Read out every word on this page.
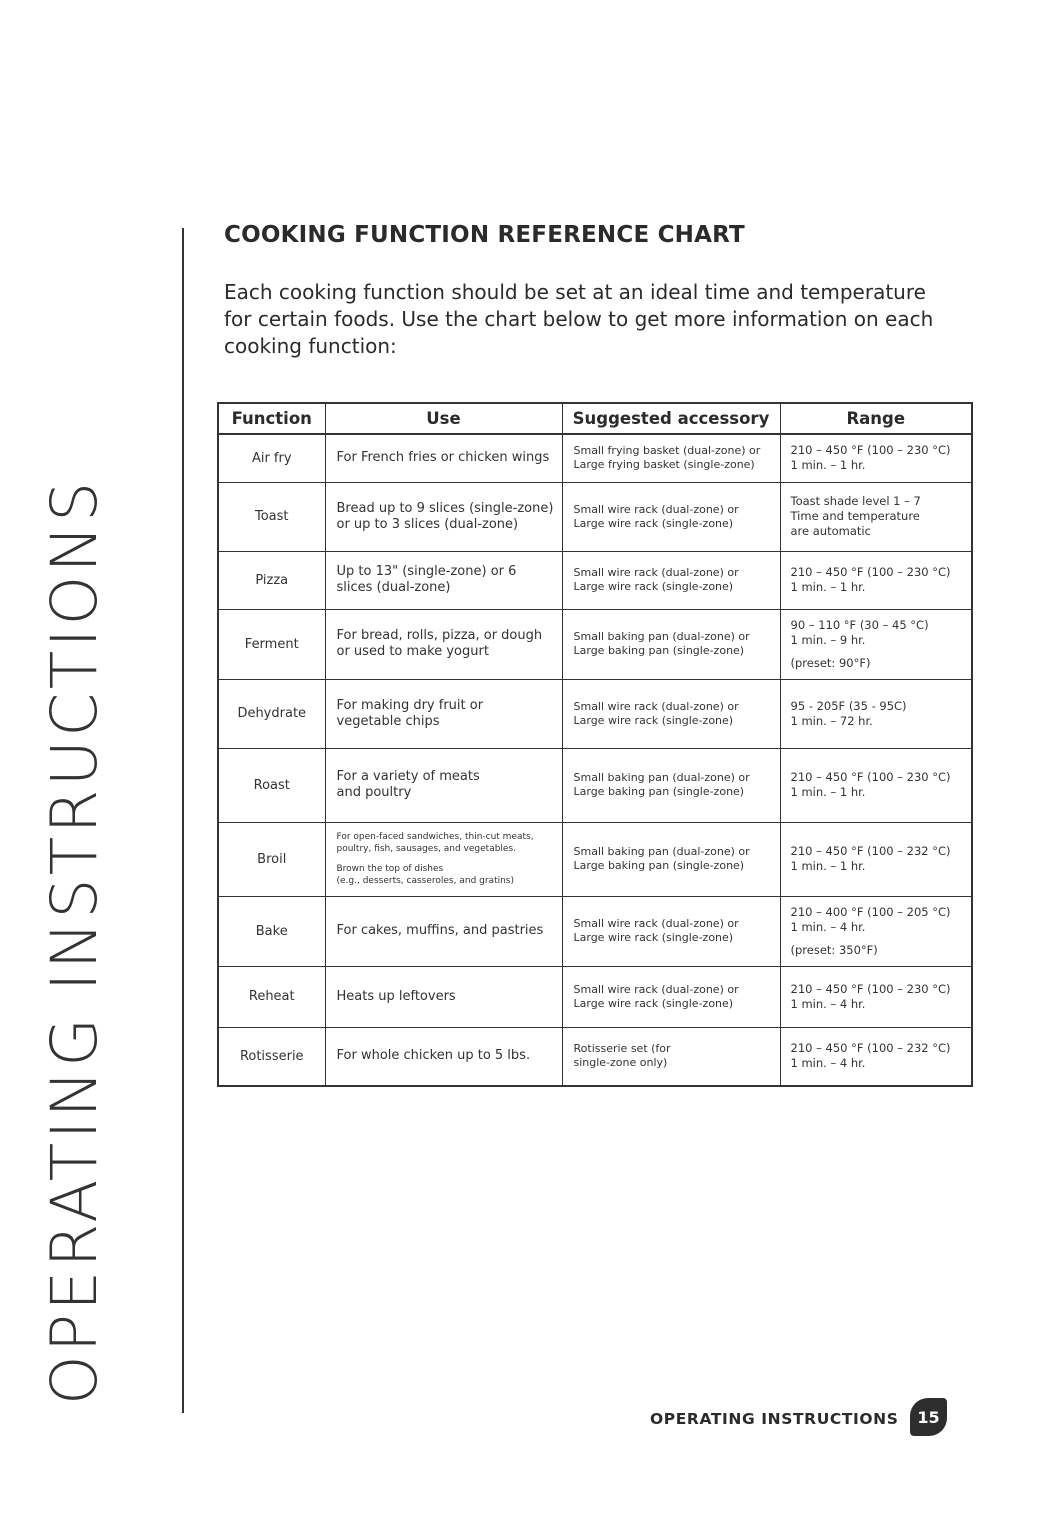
OPERATING INSTRUCTIONS
COOKING FUNCTION REFERENCE CHART
Each cooking function should be set at an ideal time and temperature for certain foods. Use the chart below to get more information on each cooking function:
Function	Use	Suggested accessory	Range
Air fry	For French fries or chicken wings	Small frying basket (dual-zone) or
Large frying basket (single-zone)	210 – 450 °F (100 – 230 °C)
1 min. – 1 hr.

Toast	Bread up to 9 slices (single-zone)
or up to 3 slices (dual-zone)	Small wire rack (dual-zone) or
Large wire rack (single-zone)	Toast shade level 1 – 7
Time and temperature
are automatic

Pizza	Up to 13" (single-zone) or 6
slices (dual-zone)	Small wire rack (dual-zone) or
Large wire rack (single-zone)	210 – 450 °F (100 – 230 °C)
1 min. – 1 hr.

Ferment	For bread, rolls, pizza, or dough
or used to make yogurt	Small baking pan (dual-zone) or
Large baking pan (single-zone)	90 – 110 °F (30 – 45 °C)
1 min. – 9 hr.
(preset: 90°F)

Dehydrate	For making dry fruit or
vegetable chips	Small wire rack (dual-zone) or
Large wire rack (single-zone)	95 - 205F (35 - 95C)
1 min. – 72 hr.

Roast	For a variety of meats
and poultry	Small baking pan (dual-zone) or
Large baking pan (single-zone)	210 – 450 °F (100 – 230 °C)
1 min. – 1 hr.

Broil	For open-faced sandwiches, thin-cut meats,
poultry, fish, sausages, and vegetables.
Brown the top of dishes
(e.g., desserts, casseroles, and gratins)	Small baking pan (dual-zone) or
Large baking pan (single-zone)	210 – 450 °F (100 – 232 °C)
1 min. – 1 hr.

Bake	For cakes, muffins, and pastries	Small wire rack (dual-zone) or
Large wire rack (single-zone)	210 – 400 °F (100 – 205 °C)
1 min. – 4 hr.
(preset: 350°F)

Reheat	Heats up leftovers	Small wire rack (dual-zone) or
Large wire rack (single-zone)	210 – 450 °F (100 – 230 °C)
1 min. – 4 hr.

Rotisserie	For whole chicken up to 5 lbs.	Rotisserie set (for
single-zone only)	210 – 450 °F (100 – 232 °C)
1 min. – 4 hr.
OPERATING INSTRUCTIONS	15
